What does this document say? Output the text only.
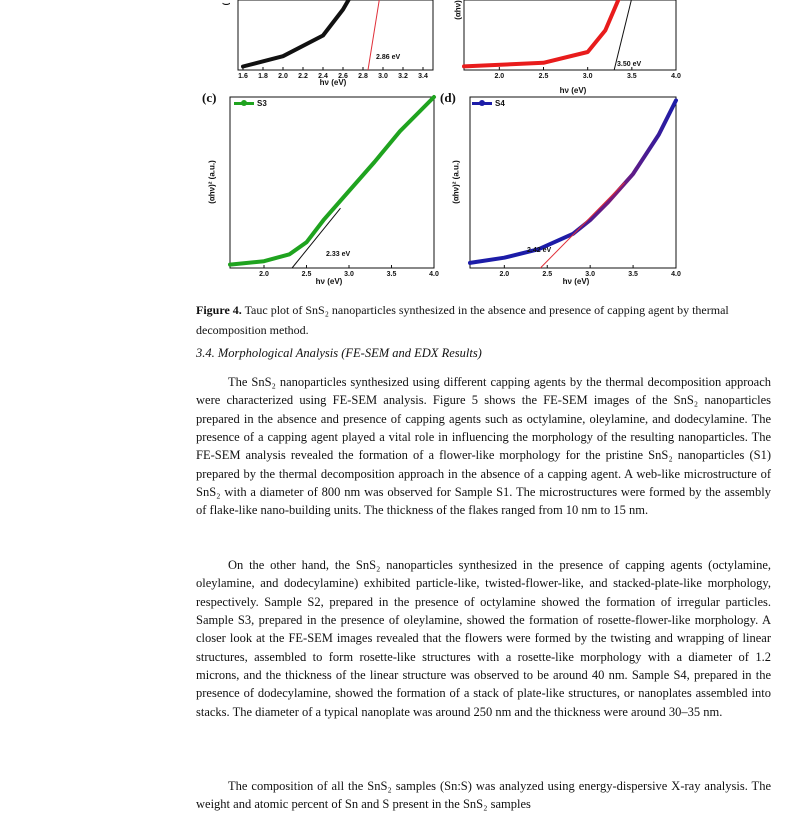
(
2.86 eV
1.6 1.8 2.0 2.2 2.4 2.6 2.8 3.0 3.2 3.4
hν (eV)
(αhν)
3.50 eV
2.0	2.5	3.0	3.5	4.0
hν (eV)
(c)
(αhν)² (a.u.)
S3
2.33 eV
2.0	2.5	3.0	3.5	4.0
hν (eV)
(d)
(αhν)² (a.u.)
S4
2.42 eV
2.0	2.5	3.0	3.5	4.0
hν (eV)
Figure 4. Tauc plot of SnS₂ nanoparticles synthesized in the absence and presence of capping agent by thermal decomposition method.
3.4. Morphological Analysis (FE-SEM and EDX Results)
The SnS₂ nanoparticles synthesized using different capping agents by the thermal decomposition approach were characterized using FE-SEM analysis. Figure 5 shows the FE-SEM images of the SnS₂ nanoparticles prepared in the absence and presence of capping agents such as octylamine, oleylamine, and dodecylamine. The presence of a capping agent played a vital role in influencing the morphology of the resulting nanoparticles. The FE-SEM analysis revealed the formation of a flower-like morphology for the pristine SnS₂ nanoparticles (S1) prepared by the thermal decomposition approach in the absence of a capping agent. A web-like microstructure of SnS₂ with a diameter of 800 nm was observed for Sample S1. The microstructures were formed by the assembly of flake-like nano-building units. The thickness of the flakes ranged from 10 nm to 15 nm.
On the other hand, the SnS₂ nanoparticles synthesized in the presence of capping agents (octylamine, oleylamine, and dodecylamine) exhibited particle-like, twisted-flower-like, and stacked-plate-like morphology, respectively. Sample S2, prepared in the presence of octylamine showed the formation of irregular particles. Sample S3, prepared in the presence of oleylamine, showed the formation of rosette-flower-like morphology. A closer look at the FE-SEM images revealed that the flowers were formed by the twisting and wrapping of linear structures, assembled to form rosette-like structures with a rosette-like morphology with a diameter of 1.2 microns, and the thickness of the linear structure was observed to be around 40 nm. Sample S4, prepared in the presence of dodecylamine, showed the formation of a stack of plate-like structures, or nanoplates assembled into stacks. The diameter of a typical nanoplate was around 250 nm and the thickness were around 30–35 nm.
The composition of all the SnS₂ samples (Sn:S) was analyzed using energy-dispersive X-ray analysis. The weight and atomic percent of Sn and S present in the SnS₂ samples
